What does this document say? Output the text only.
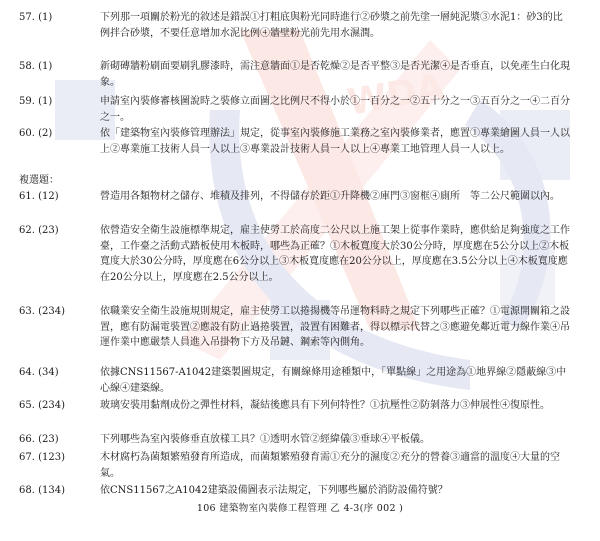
WDA
57. (1)	下列那一項關於粉光的敘述是錯誤①打粗底與粉光同時進行②砂漿之前先塗一層純泥漿③水泥1：砂3的比例拌合砂漿，不要任意增加水泥比例④牆壁粉光前先用水濕潤。

58. (1)	新砌磚牆粉刷面要刷乳膠漆時，需注意牆面①是否乾燥②是否平整③是否光潔④是否垂直，以免產生白化現象。

59. (1)	申請室內裝修審核圖說時之裝修立面圖之比例尺不得小於①一百分之一②五十分之一③五百分之一④二百分之一。

60. (2)	依「建築物室內裝修管理辦法」規定，從事室內裝修施工業務之室內裝修業者，應置①專業繪圖人員一人以上②專業施工技術人員一人以上③專業設計技術人員一人以上④專業工地管理人員一人以上。

複選題：
61. (12)	營造用各類物材之儲存、堆積及排列，不得儲存於距①升降機②庫門③窗框④廁所　等二公尺範圍以內。

62. (23)	依營造安全衛生設施標準規定，雇主使勞工於高度二公尺以上施工架上從事作業時，應供給足夠強度之工作臺，工作臺之活動式踏板使用木板時，哪些為正確？①木板寬度大於30公分時，厚度應在5公分以上②木板寬度大於30公分時，厚度應在6公分以上③木板寬度應在20公分以上，厚度應在3.5公分以上④木板寬度應在20公分以上，厚度應在2.5公分以上。

63. (234)	依職業安全衛生設施規則規定，雇主使勞工以捲揚機等吊運物料時之規定下列哪些正確？①電源開關箱之設置，應有防漏電裝置②應設有防止過捲裝置，設置有困難者，得以標示代替之③應避免鄰近電力線作業④吊運作業中應嚴禁人員進入吊掛物下方及吊鏈、鋼索等內側角。

64. (34)	依據CNS11567-A1042建築製圖規定，有關線條用途種類中，「單點線」之用途為①地界線②隱蔽線③中心線④建築線。

65. (234)	玻璃安裝用黏劑成份之彈性材料，凝結後應具有下列何特性？①抗壓性②防剝落力③伸展性④復原性。

66. (23)	下列哪些為室內裝修垂直放樣工具？①透明水管②經緯儀③垂球④平板儀。

67. (123)	木材腐朽為菌類繁殖發育所造成，而菌類繁殖發育需①充分的濕度②充分的營養③適當的溫度④大量的空氣。

68. (134)	依CNS11567之A1042建築設備圖表示法規定，下列哪些屬於消防設備符號？

106 建築物室內裝修工程管理 乙 4-3(序 002 )
